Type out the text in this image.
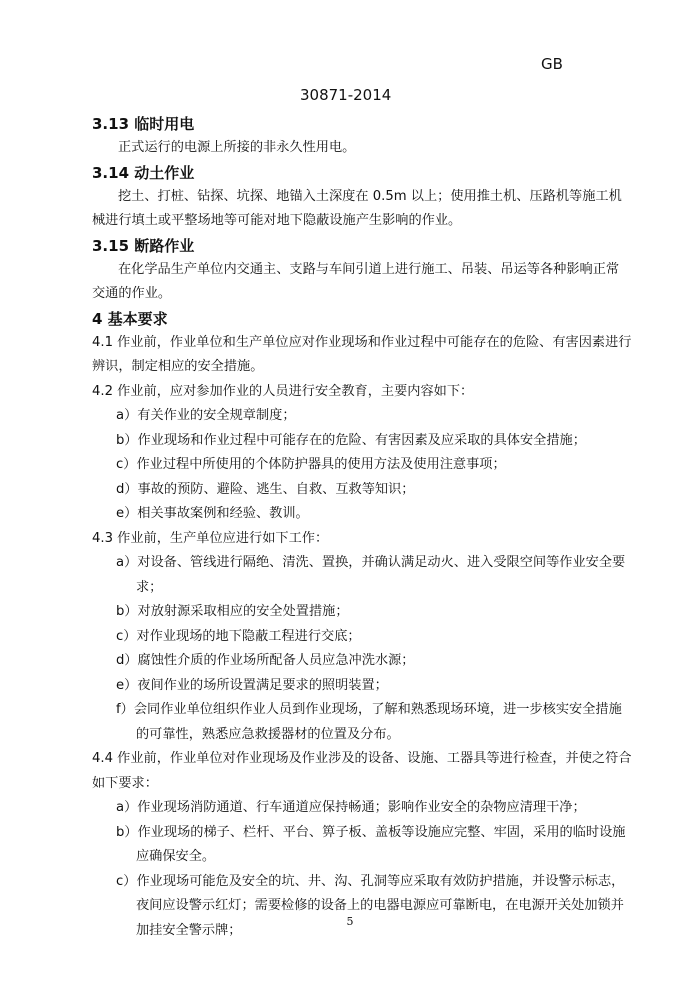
GB
30871-2014
3.13 临时用电
正式运行的电源上所接的非永久性用电。
3.14 动土作业
挖土、打桩、钻探、坑探、地锚入土深度在 0.5m 以上；使用推土机、压路机等施工机械进行填土或平整场地等可能对地下隐蔽设施产生影响的作业。
3.15 断路作业
在化学品生产单位内交通主、支路与车间引道上进行施工、吊装、吊运等各种影响正常交通的作业。
4 基本要求
4.1 作业前，作业单位和生产单位应对作业现场和作业过程中可能存在的危险、有害因素进行辨识，制定相应的安全措施。
4.2 作业前，应对参加作业的人员进行安全教育，主要内容如下：
a）有关作业的安全规章制度；
b）作业现场和作业过程中可能存在的危险、有害因素及应采取的具体安全措施；
c）作业过程中所使用的个体防护器具的使用方法及使用注意事项；
d）事故的预防、避险、逃生、自救、互救等知识；
e）相关事故案例和经验、教训。
4.3 作业前，生产单位应进行如下工作：
a）对设备、管线进行隔绝、清洗、置换，并确认满足动火、进入受限空间等作业安全要求；
b）对放射源采取相应的安全处置措施；
c）对作业现场的地下隐蔽工程进行交底；
d）腐蚀性介质的作业场所配备人员应急冲洗水源；
e）夜间作业的场所设置满足要求的照明装置；
f）会同作业单位组织作业人员到作业现场，了解和熟悉现场环境，进一步核实安全措施的可靠性，熟悉应急救援器材的位置及分布。
4.4 作业前，作业单位对作业现场及作业涉及的设备、设施、工器具等进行检查，并使之符合如下要求：
a）作业现场消防通道、行车通道应保持畅通；影响作业安全的杂物应清理干净；
b）作业现场的梯子、栏杆、平台、箅子板、盖板等设施应完整、牢固，采用的临时设施应确保安全。
c）作业现场可能危及安全的坑、井、沟、孔洞等应采取有效防护措施，并设警示标志，夜间应设警示红灯；需要检修的设备上的电器电源应可靠断电，在电源开关处加锁并加挂安全警示牌；
5
